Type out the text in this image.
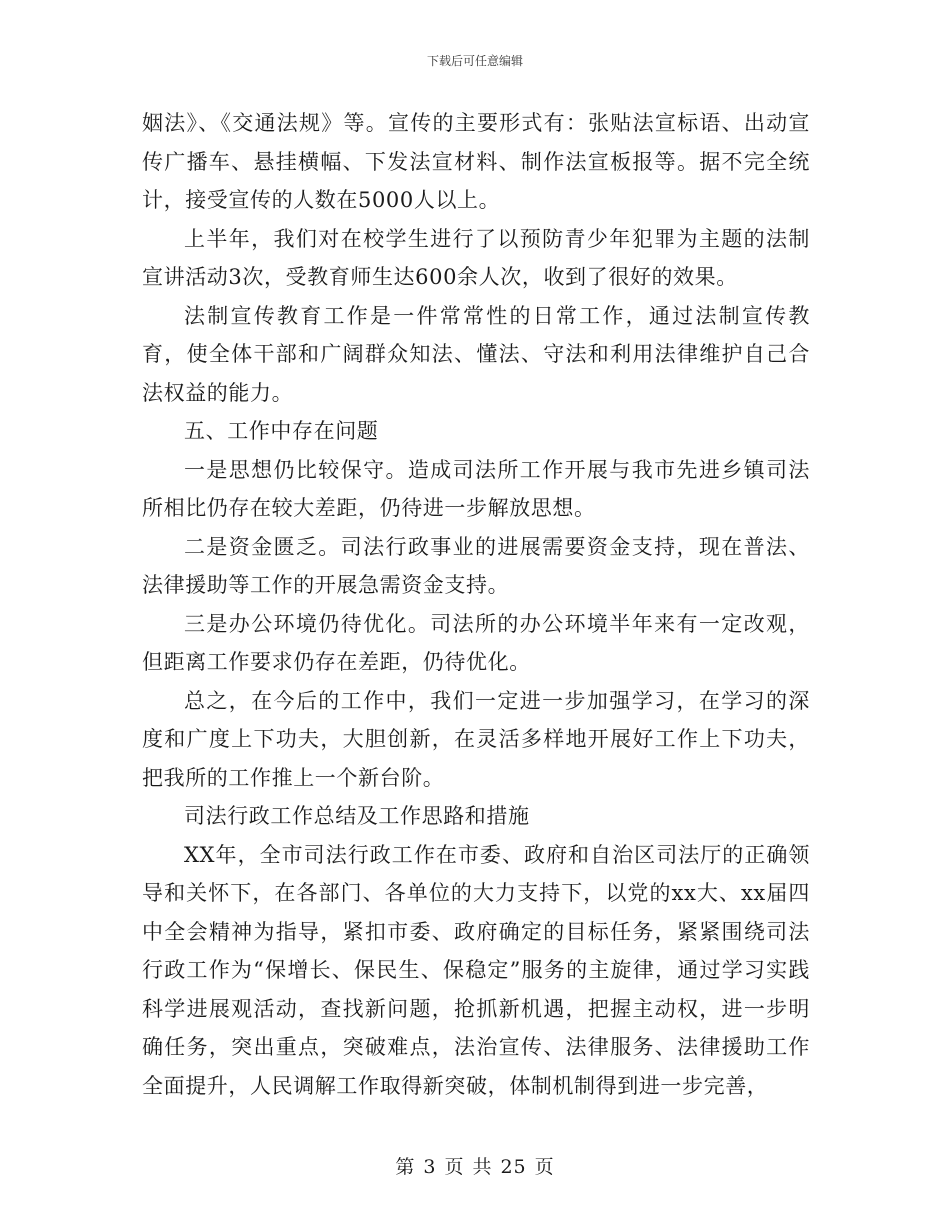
下载后可任意编辑

姻法》、《交通法规》等。宣传的主要形式有：张贴法宣标语、出动宣传广播车、悬挂横幅、下发法宣材料、制作法宣板报等。据不完全统计，接受宣传的人数在5000人以上。

上半年，我们对在校学生进行了以预防青少年犯罪为主题的法制宣讲活动3次，受教育师生达600余人次，收到了很好的效果。

法制宣传教育工作是一件常常性的日常工作，通过法制宣传教育，使全体干部和广阔群众知法、懂法、守法和利用法律维护自己合法权益的能力。

五、工作中存在问题

一是思想仍比较保守。造成司法所工作开展与我市先进乡镇司法所相比仍存在较大差距，仍待进一步解放思想。

二是资金匮乏。司法行政事业的进展需要资金支持，现在普法、法律援助等工作的开展急需资金支持。

三是办公环境仍待优化。司法所的办公环境半年来有一定改观，但距离工作要求仍存在差距，仍待优化。

总之，在今后的工作中，我们一定进一步加强学习，在学习的深度和广度上下功夫，大胆创新，在灵活多样地开展好工作上下功夫，把我所的工作推上一个新台阶。

司法行政工作总结及工作思路和措施

XX年，全市司法行政工作在市委、政府和自治区司法厅的正确领导和关怀下，在各部门、各单位的大力支持下，以党的xx大、xx届四中全会精神为指导，紧扣市委、政府确定的目标任务，紧紧围绕司法行政工作为“保增长、保民生、保稳定”服务的主旋律，通过学习实践科学进展观活动，查找新问题，抢抓新机遇，把握主动权，进一步明确任务，突出重点，突破难点，法治宣传、法律服务、法律援助工作全面提升，人民调解工作取得新突破，体制机制得到进一步完善，

第 3 页 共 25 页
